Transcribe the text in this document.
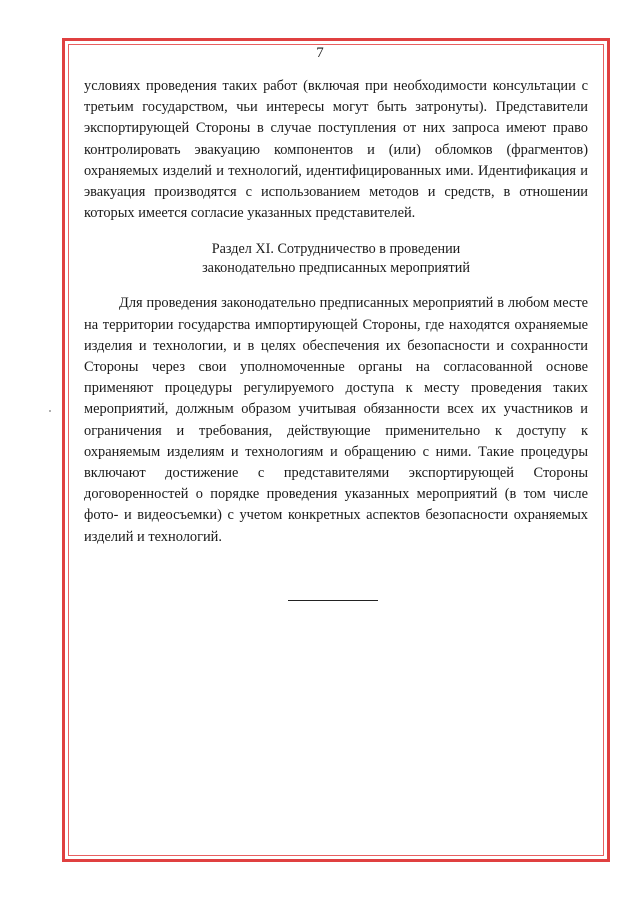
7

условиях проведения таких работ (включая при необходимости консультации с третьим государством, чьи интересы могут быть затронуты). Представители экспортирующей Стороны в случае поступления от них запроса имеют право контролировать эвакуацию компонентов и (или) обломков (фрагментов) охраняемых изделий и технологий, идентифицированных ими. Идентификация и эвакуация производятся с использованием методов и средств, в отношении которых имеется согласие указанных представителей.

Раздел XI. Сотрудничество в проведении
законодательно предписанных мероприятий

Для проведения законодательно предписанных мероприятий в любом месте на территории государства импортирующей Стороны, где находятся охраняемые изделия и технологии, и в целях обеспечения их безопасности и сохранности Стороны через свои уполномоченные органы на согласованной основе применяют процедуры регулируемого доступа к месту проведения таких мероприятий, должным образом учитывая обязанности всех их участников и ограничения и требования, действующие применительно к доступу к охраняемым изделиям и технологиям и обращению с ними. Такие процедуры включают достижение с представителями экспортирующей Стороны договоренностей о порядке проведения указанных мероприятий (в том числе фото- и видеосъемки) с учетом конкретных аспектов безопасности охраняемых изделий и технологий.
